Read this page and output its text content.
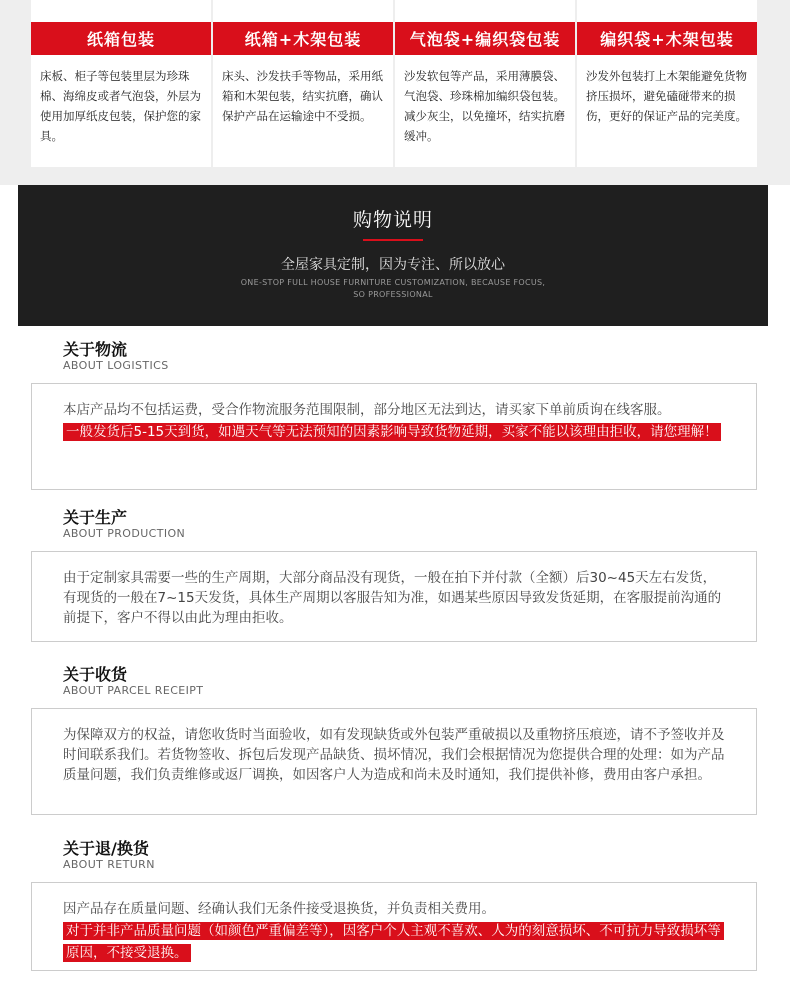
纸箱包装
床板、柜子等包装里层为珍珠棉、海绵皮或者气泡袋，外层为使用加厚纸皮包装，保护您的家具。
纸箱+木架包装
床头、沙发扶手等物品，采用纸箱和木架包装，结实抗磨，确认保护产品在运输途中不受损。
气泡袋+编织袋包装
沙发软包等产品，采用薄膜袋、气泡袋、珍珠棉加编织袋包装。减少灰尘，以免撞坏，结实抗磨缓冲。
编织袋+木架包装
沙发外包装打上木架能避免货物挤压损坏，避免磕碰带来的损伤，更好的保证产品的完美度。
购物说明
全屋家具定制，因为专注、所以放心
ONE-STOP FULL HOUSE FURNITURE CUSTOMIZATION, BECAUSE FOCUS,
SO PROFESSIONAL
关于物流
ABOUT LOGISTICS

本店产品均不包括运费，受合作物流服务范围限制，部分地区无法到达，请买家下单前质询在线客服。

一般发货后5-15天到货，如遇天气等无法预知的因素影响导致货物延期，买家不能以该理由拒收，请您理解！

关于生产
ABOUT PRODUCTION

由于定制家具需要一些的生产周期，大部分商品没有现货，一般在拍下并付款（全额）后30~45天左右发货，有现货的一般在7~15天发货，具体生产周期以客服告知为准，如遇某些原因导致发货延期，在客服提前沟通的前提下，客户不得以由此为理由拒收。

关于收货
ABOUT PARCEL RECEIPT

为保障双方的权益，请您收货时当面验收，如有发现缺货或外包装严重破损以及重物挤压痕迹，请不予签收并及时间联系我们。若货物签收、拆包后发现产品缺货、损坏情况，我们会根据情况为您提供合理的处理：如为产品质量问题，我们负责维修或返厂调换，如因客户人为造成和尚未及时通知，我们提供补修，费用由客户承担。

关于退/换货
ABOUT RETURN

因产品存在质量问题、经确认我们无条件接受退换货，并负责相关费用。

对于并非产品质量问题（如颜色严重偏差等），因客户个人主观不喜欢、人为的刻意损坏、不可抗力导致损坏等原因，不接受退换。
